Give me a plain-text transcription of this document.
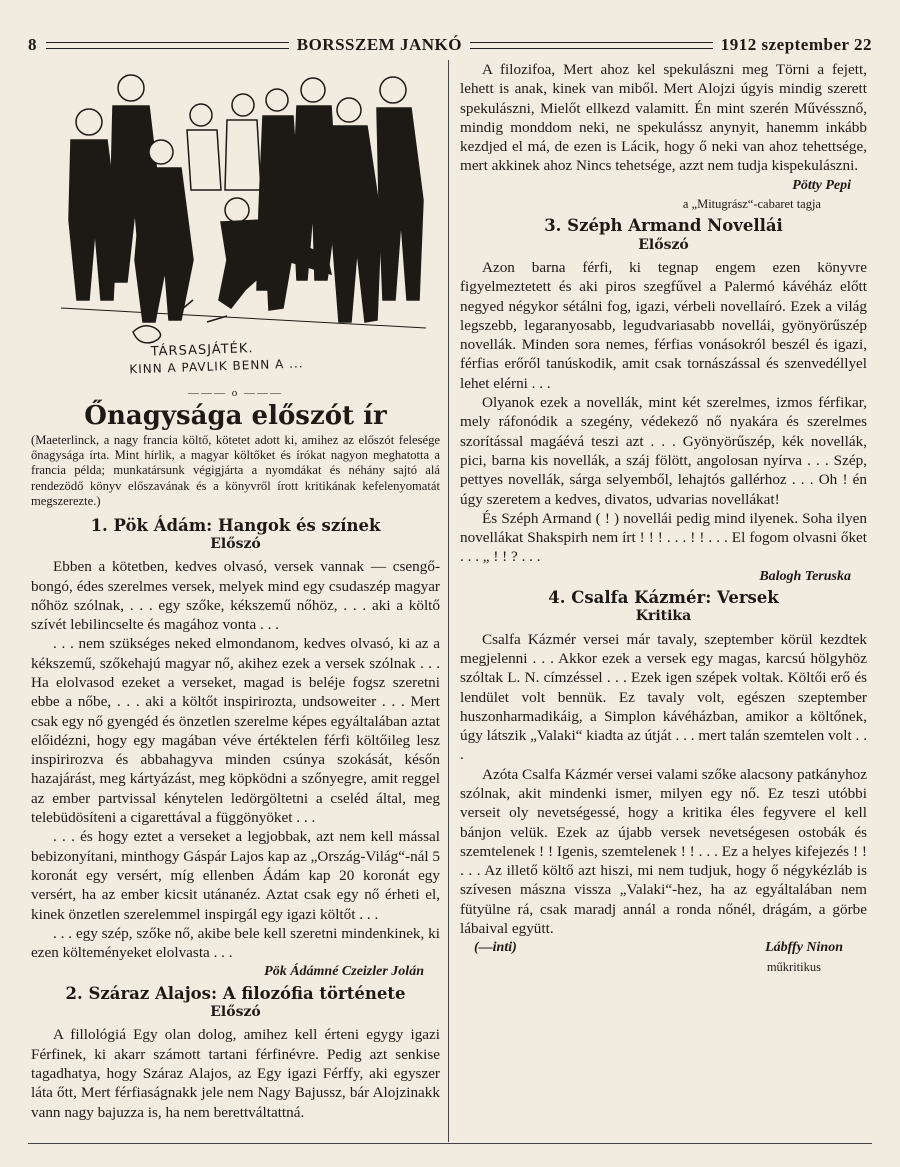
8	BORSSZEM JANKÓ	1912 szeptember 22
TÁRSASJÁTÉK.
KINN A PAVLIK BENN A ...
——— o ———
Őnagysága előszót ír
(Maeterlinck, a nagy francia költő, kötetet adott ki, amihez az előszót felesége őnagysága írta. Mint hírlik, a magyar költőket és írókat nagyon meghatotta a francia példa; munkatársunk végigjárta a nyomdákat és néhány sajtó alá rendezödő könyv előszavának és a könyvről írott kritikának kefelenyomatát megszerezte.)
1. Pök Ádám: Hangok és színek
Előszó

Ebben a kötetben, kedves olvasó, versek vannak — csengő-bongó, édes szerelmes versek, melyek mind egy csudaszép magyar nőhöz szólnak, . . . egy szőke, kékszemű nőhöz, . . . aki a költő szívét lebilincselte és magához vonta . . .

. . . nem szükséges neked elmondanom, kedves olvasó, ki az a kékszemű, szőkehajú magyar nő, akihez ezek a versek szólnak . . . Ha elolvasod ezeket a verseket, magad is beléje fogsz szeretni ebbe a nőbe, . . . aki a költőt inspirirozta, undsoweiter . . . Mert csak egy nő gyengéd és önzetlen szerelme képes egyáltalában aztat előidézni, hogy egy magában véve értéktelen férfi költőileg lesz inspirirozva és abbahagyva minden csúnya szokását, későn hazajárást, meg kártyázást, meg köpködni a szőnyegre, amit reggel az ember partvissal kénytelen ledörgöltetni a cseléd által, meg telebüdösíteni a cigarettával a függönyöket . . .

. . . és hogy eztet a verseket a legjobbak, azt nem kell mással bebizonyítani, minthogy Gáspár Lajos kap az „Ország-Világ“-nál 5 koronát egy versért, míg ellenben Ádám kap 20 koronát egy versért, ha az ember kicsit utánanéz. Aztat csak egy nő érheti el, kinek önzetlen szerelemmel inspirgál egy igazi költőt . . .

. . . egy szép, szőke nő, akibe bele kell szeretni mindenkinek, ki ezen költeményeket elolvasta . . .

Pök Ádámné Czeizler Jolán
2. Száraz Alajos: A filozófia története
Előszó

A fillológiá Egy olan dolog, amihez kell érteni egygy igazi Férfinek, ki akarr számott tartani férfinévre. Pedig azt senkise tagadhatya, hogy Száraz Alajos, az Egy igazi Férffy, aki egyszer láta őtt, Mert férfiaságnakk jele nem Nagy Bajussz, bár Alojzinakk vann nagy bajuzza is, ha nem berettváltattná.

A filozifoa, Mert ahoz kel spekulászni meg Törni a fejett, lehett is anak, kinek van miből. Mert Alojzi úgyis mindig szerett spekulászni, Mielőt ellkezd valamitt. Én mint szerén Művéssznő, mindig monddom neki, ne spekulássz anynyit, hanemm inkább kezdjed el má, de ezen is Lácik, hogy ő neki van ahoz tehettsége, mert akkinek ahoz Nincs tehetsége, azzt nem tudja kispekulászni.

Pötty Pepi
a „Mitugrász“-cabaret tagja
3. Széph Armand Novellái
Előszó

Azon barna férfi, ki tegnap engem ezen könyvre figyelmeztetett és aki piros szegfűvel a Palermó kávéház előtt negyed négykor sétálni fog, igazi, vérbeli novellaíró. Ezek a világ legszebb, legaranyosabb, legudvariasabb novellái, gyönyörűszép novellák. Minden sora nemes, férfias vonásokról beszél és igazi, férfias erőről tanúskodik, amit csak tornászással és szenvedéllyel lehet elérni . . .

Olyanok ezek a novellák, mint két szerelmes, izmos férfikar, mely ráfonódik a szegény, védekező nő nyakára és szerelmes szorítással magáévá teszi azt . . . Gyönyörűszép, kék novellák, pici, barna kis novellák, a száj fölött, angolosan nyírva . . . Szép, pettyes novellák, sárga selyemből, lehajtós gallérhoz . . . Oh ! én úgy szeretem a kedves, divatos, udvarias novellákat!

És Széph Armand ( ! ) novellái pedig mind ilyenek. Soha ilyen novellákat Shakspirh nem írt ! ! ! . . . ! ! . . . El fogom olvasni őket . . . „ ! ! ? . . .

Balogh Teruska
4. Csalfa Kázmér: Versek
Kritika

Csalfa Kázmér versei már tavaly, szeptember körül kezdtek megjelenni . . . Akkor ezek a versek egy magas, karcsú hölgyhöz szóltak L. N. címzéssel . . . Ezek igen szépek voltak. Költői erő és lendület volt bennük. Ez tavaly volt, egészen szeptember huszonharmadikáig, a Simplon kávéházban, amikor a költőnek, úgy látszik „Valaki“ kiadta az útját . . . mert talán szemtelen volt . . .

Azóta Csalfa Kázmér versei valami szőke alacsony patkányhoz szólnak, akit mindenki ismer, milyen egy nő. Ez teszi utóbbi verseit oly nevetségessé, hogy a kritika éles fegyvere el kell bánjon velük. Ezek az újabb versek nevetségesen ostobák és szemtelenek ! ! Igenis, szemtelenek ! ! . . . Ez a helyes kifejezés ! ! . . . Az illető költő azt hiszi, mi nem tudjuk, hogy ő négykézláb is szívesen mászna vissza „Valaki“-hez, ha az egyáltalában nem fütyülne rá, csak maradj annál a ronda nőnél, drágám, a görbe lábaival együtt.

(—inti)	Lábffy Ninon
műkritikus
